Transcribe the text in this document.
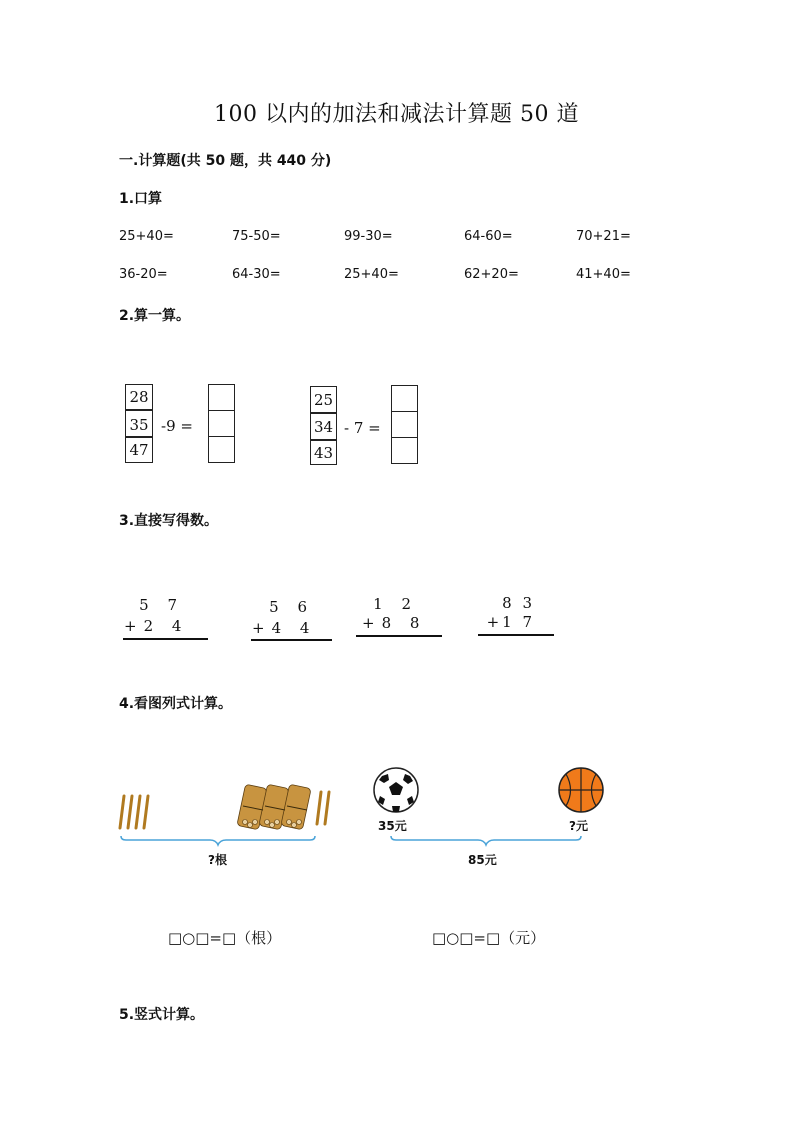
100 以内的加法和减法计算题 50 道
一.计算题(共 50 题，共 440 分)
1.口算
25+40=	75-50=	99-30=	64-60=	70+21=
36-20=	64-30=	25+40=	62+20=	41+40=
2.算一算。
28
35
47
-9 =
25
34
43
- 7 =
3.直接写得数。
5 7
+2 4
5 6
+4 4
1 2
+8 8
8 3
+1 7
4.看图列式计算。
?根
35元	?元
85元
□○□=□（根）	□○□=□（元）
5.竖式计算。
